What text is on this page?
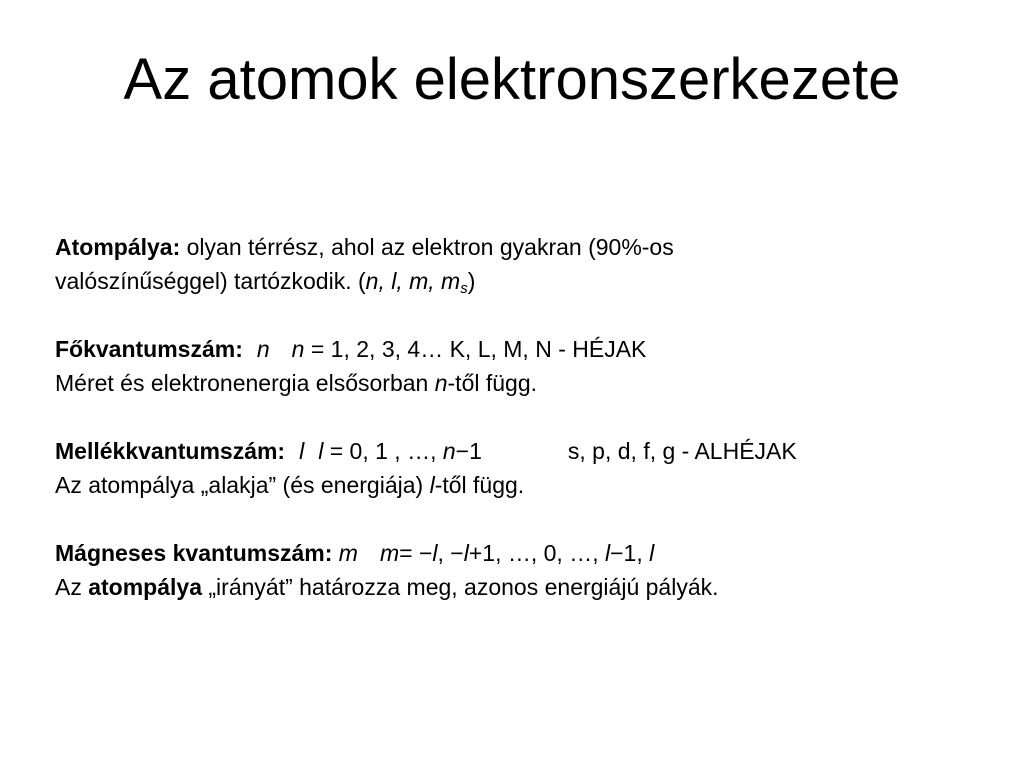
Az atomok elektronszerkezete
Atompálya: olyan térrész, ahol az elektron gyakran (90%-os
valószínűséggel) tartózkodik. (n, l, m, $m_s$)
Főkvantumszám: n n = 1, 2, 3, 4… K, L, M, N - HÉJAK
Méret és elektronenergia elsősorban n-től függ.
Mellékkvantumszám: l l = 0, 1 , …, n−1	s, p, d, f, g - ALHÉJAK
Az atompálya „alakja” (és energiája) l-től függ.
Mágneses kvantumszám: m m= −l, −l+1, …, 0, …, l−1, l
Az atompálya „irányát” határozza meg, azonos energiájú pályák.
